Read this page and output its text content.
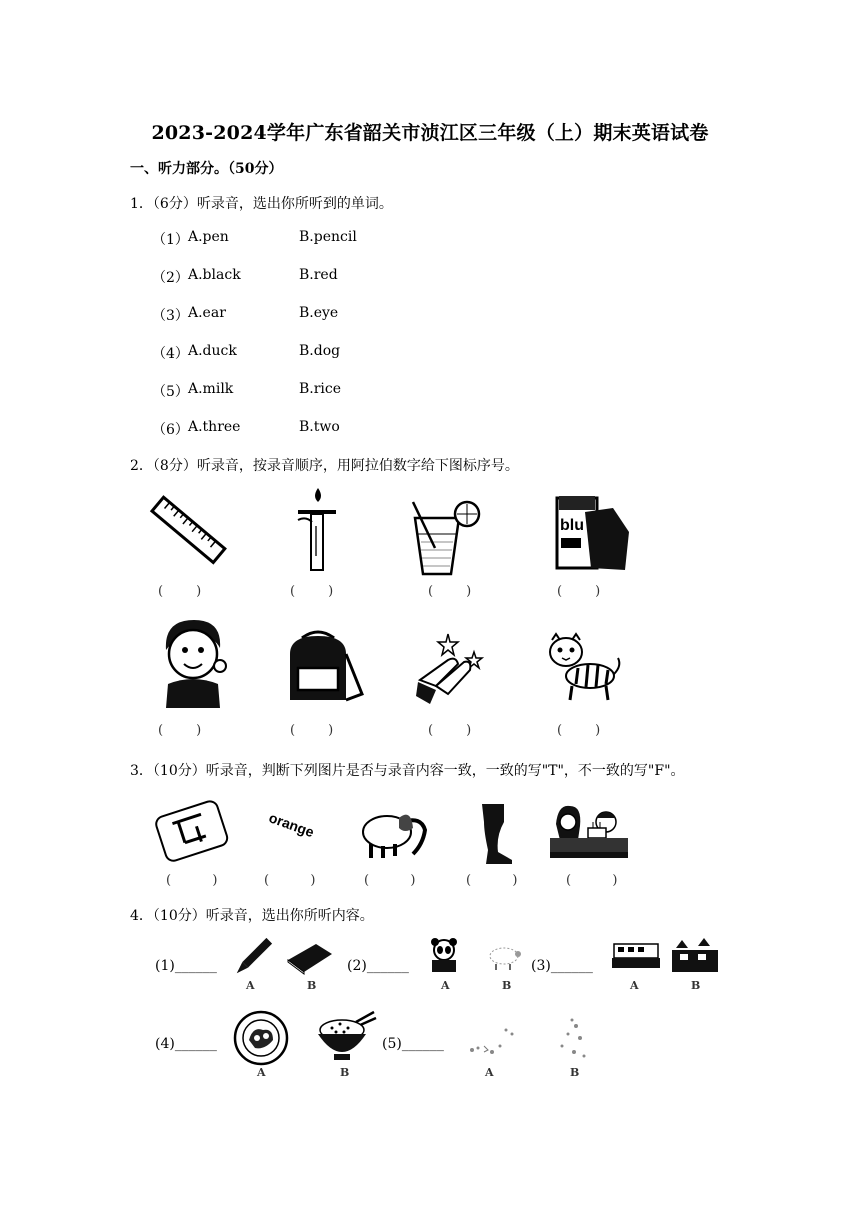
2023-2024学年广东省韶关市浈江区三年级（上）期末英语试卷
一、听力部分。（50分）
1．（6分）听录音，选出你所听到的单词。
（1） A.pen	B.pencil
（2） A.black	B.red
（3） A.ear	B.eye
（4） A.duck	B.dog
（5） A.milk	B.rice
（6） A.three	B.two
2．（8分）听录音，按录音顺序，用阿拉伯数字给下图标序号。
blu
(        )	(        )	(        )	(        )
(        )	(        )	(        )	(        )
3．（10分）听录音，判断下列图片是否与录音内容一致，一致的写"T"，不一致的写"F"。
orange
(          )	(          )	(          )	(          )	(          )
4．（10分）听录音，选出你所听内容。
(1)______
A	B
(2)______
A	B
(3)______
A	B
(4)______
A	B
(5)______
A	B
